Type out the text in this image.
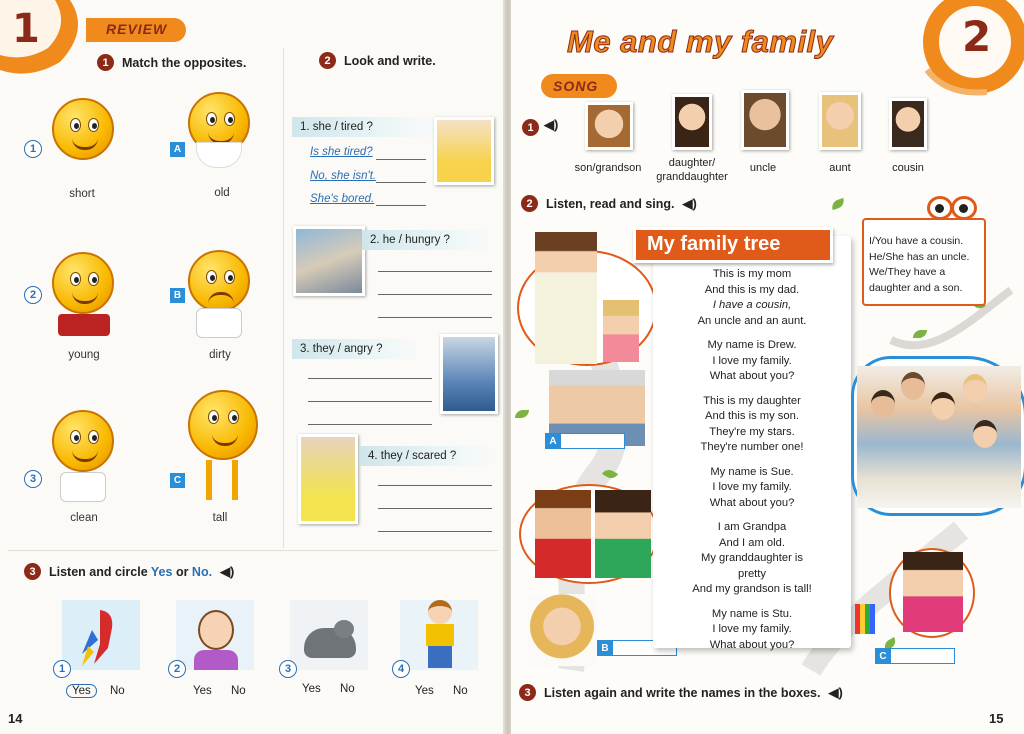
1	REVIEW
1	Match the opposites.
1
short
2
young
3
clean
A
old
B
dirty
C
tall
2	Look and write.
1. she / tired ?
Is she tired?
No, she isn't.
She's bored.
2. he / hungry ?
3. they / angry ?
4. they / scared ?
3	Listen and circle Yes or No. ◀)
1	2	3	4
Yes	No	Yes No	Yes No	Yes No
14
Me and my family	2
SONG
1 ◀)
son/grandson	daughter/ granddaughter
uncle	aunt	cousin
2	Listen, read and sing. ◀)
A
B
My family tree
This is my mom
And this is my dad.
I have a cousin,
An uncle and an aunt.
My name is Drew.
I love my family.
What about you?
This is my daughter
And this is my son.
They're my stars.
They're number one!
My name is Sue.
I love my family.
What about you?
I am Grandpa
And I am old.
My granddaughter is
pretty
And my grandson is tall!
My name is Stu.
I love my family.
What about you?
I/You have a cousin.
He/She has an uncle.
We/They have a
daughter and a son.
C
3	Listen again and write the names in the boxes. ◀)
15
